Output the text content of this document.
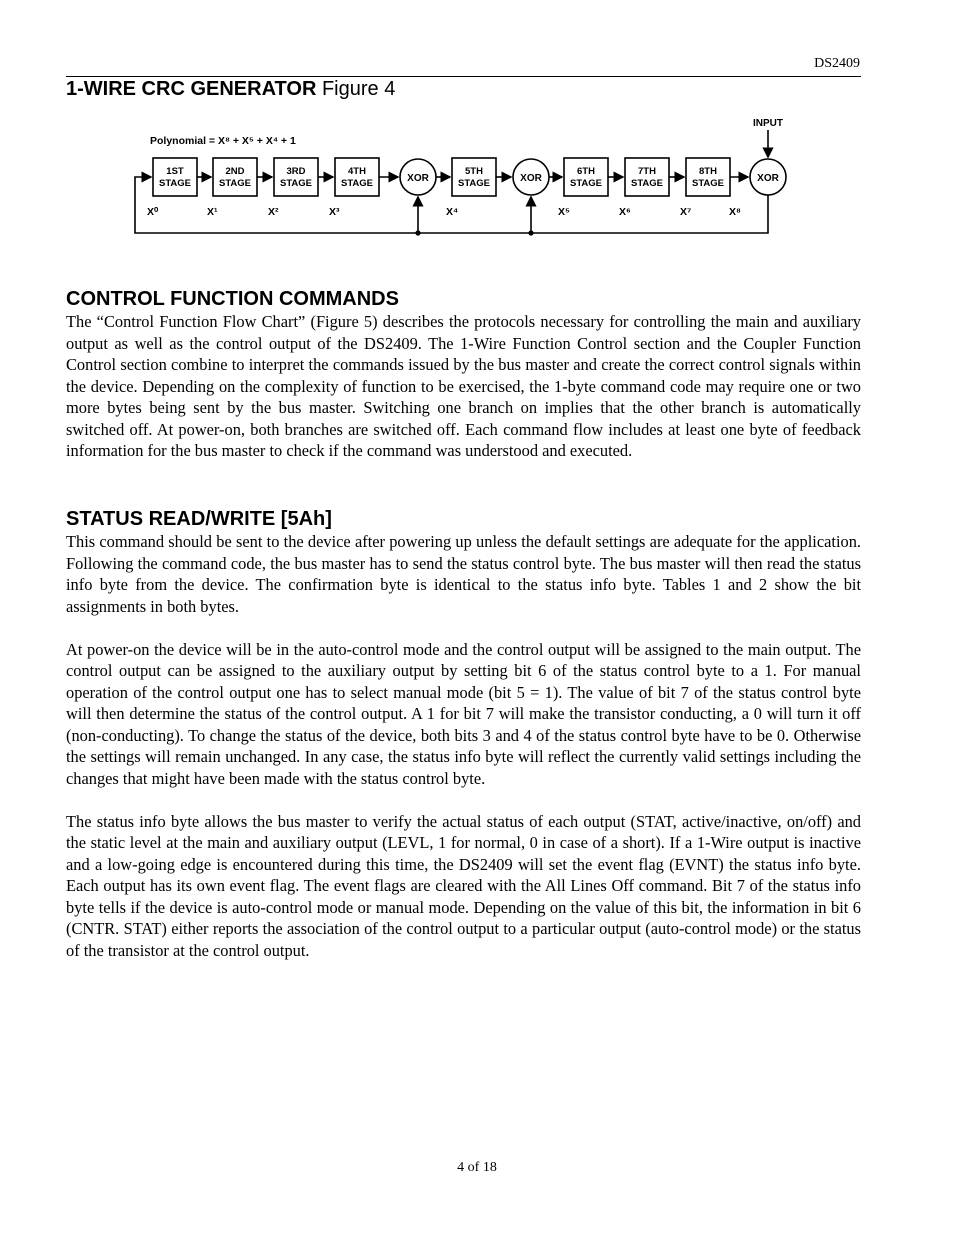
DS2409
1-WIRE CRC GENERATOR Figure 4
Polynomial = X⁸ + X⁵ + X⁴ + 1
INPUT
1ST
STAGE
2ND
STAGE
3RD
STAGE
4TH
STAGE
5TH
STAGE
6TH
STAGE
7TH
STAGE
8TH
STAGE
XOR	XOR	XOR
X⁰	X¹	X²	X³	X⁴	X⁵	X⁶	X⁷	X⁸
CONTROL FUNCTION COMMANDS

The “Control Function Flow Chart” (Figure 5) describes the protocols necessary for controlling the main and auxiliary output as well as the control output of the DS2409. The 1-Wire Function Control section and the Coupler Function Control section combine to interpret the commands issued by the bus master and create the correct control signals within the device. Depending on the complexity of function to be exercised, the 1-byte command code may require one or two more bytes being sent by the bus master. Switching one branch on implies that the other branch is automatically switched off. At power-on, both branches are switched off. Each command flow includes at least one byte of feedback information for the bus master to check if the command was understood and executed.

STATUS READ/WRITE [5Ah]

This command should be sent to the device after powering up unless the default settings are adequate for the application. Following the command code, the bus master has to send the status control byte. The bus master will then read the status info byte from the device. The confirmation byte is identical to the status info byte. Tables 1 and 2 show the bit assignments in both bytes.

At power-on the device will be in the auto-control mode and the control output will be assigned to the main output. The control output can be assigned to the auxiliary output by setting bit 6 of the status control byte to a 1. For manual operation of the control output one has to select manual mode (bit 5 = 1). The value of bit 7 of the status control byte will then determine the status of the control output. A 1 for bit 7 will make the transistor conducting, a 0 will turn it off (non-conducting). To change the status of the device, both bits 3 and 4 of the status control byte have to be 0. Otherwise the settings will remain unchanged. In any case, the status info byte will reflect the currently valid settings including the changes that might have been made with the status control byte.

The status info byte allows the bus master to verify the actual status of each output (STAT, active/inactive, on/off) and the static level at the main and auxiliary output (LEVL, 1 for normal, 0 in case of a short). If a 1-Wire output is inactive and a low-going edge is encountered during this time, the DS2409 will set the event flag (EVNT) the status info byte. Each output has its own event flag. The event flags are cleared with the All Lines Off command. Bit 7 of the status info byte tells if the device is auto-control mode or manual mode. Depending on the value of this bit, the information in bit 6 (CNTR. STAT) either reports the association of the control output to a particular output (auto-control mode) or the status of the transistor at the control output.

4 of 18
